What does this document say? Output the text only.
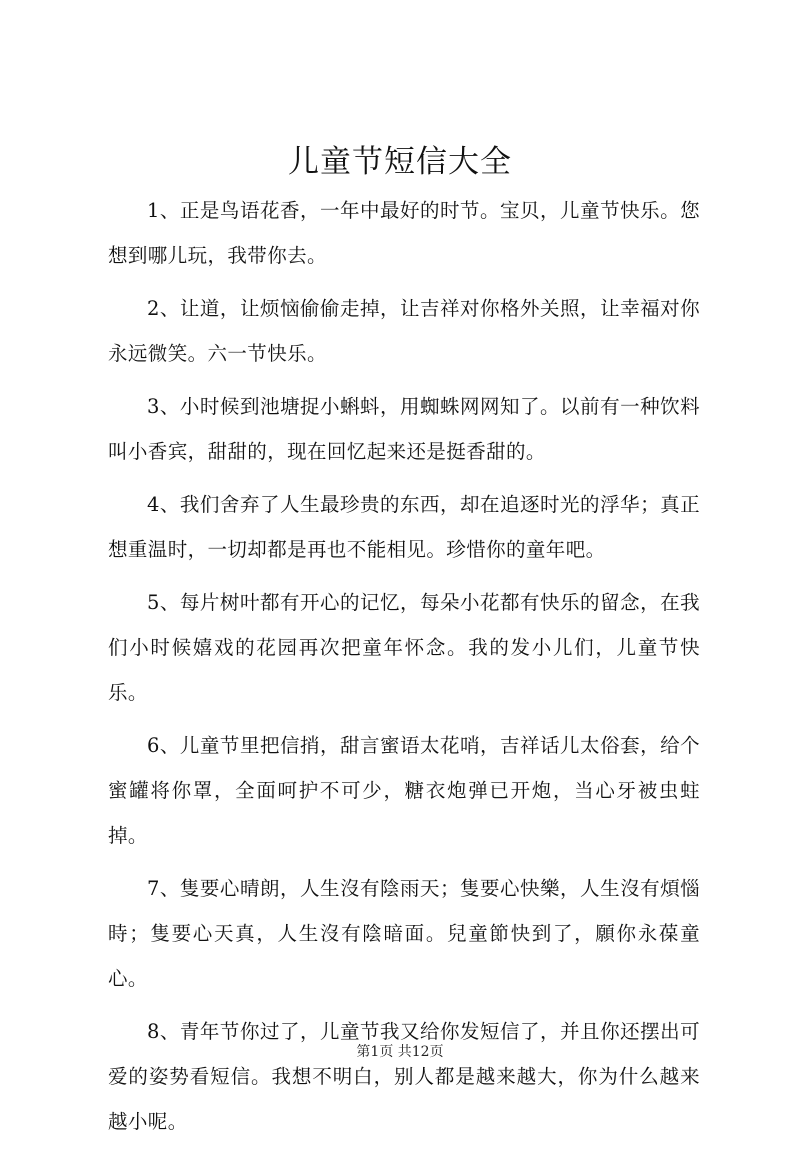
儿童节短信大全

1、正是鸟语花香，一年中最好的时节。宝贝，儿童节快乐。您想到哪儿玩，我带你去。

2、让道，让烦恼偷偷走掉，让吉祥对你格外关照，让幸福对你永远微笑。六一节快乐。

3、小时候到池塘捉小蝌蚪，用蜘蛛网网知了。以前有一种饮料叫小香宾，甜甜的，现在回忆起来还是挺香甜的。

4、我们舍弃了人生最珍贵的东西，却在追逐时光的浮华；真正想重温时，一切却都是再也不能相见。珍惜你的童年吧。

5、每片树叶都有开心的记忆，每朵小花都有快乐的留念，在我们小时候嬉戏的花园再次把童年怀念。我的发小儿们，儿童节快乐。

6、儿童节里把信捎，甜言蜜语太花哨，吉祥话儿太俗套，给个蜜罐将你罩，全面呵护不可少，糖衣炮弹已开炮，当心牙被虫蛀掉。

7、隻要心晴朗，人生沒有陰雨天；隻要心快樂，人生沒有煩惱時；隻要心天真，人生沒有陰暗面。兒童節快到了，願你永葆童心。

8、青年节你过了，儿童节我又给你发短信了，并且你还摆出可爱的姿势看短信。我想不明白，别人都是越来越大，你为什么越来越小呢。

第1页 共12页
